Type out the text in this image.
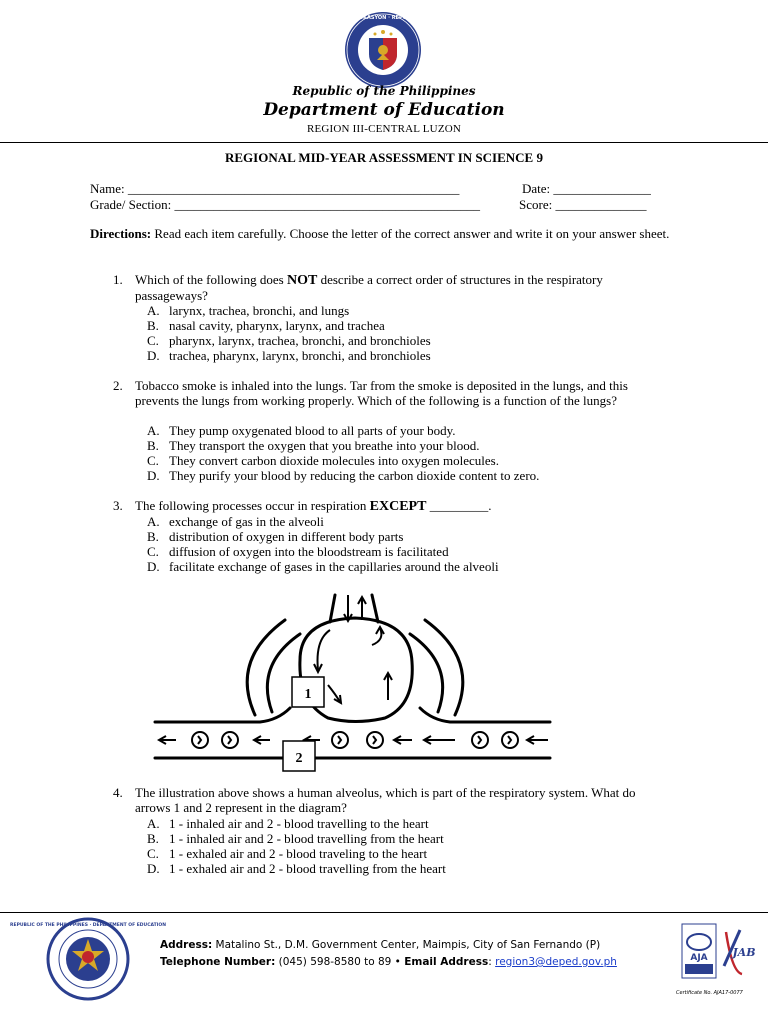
KAGAWARAN NG EDUKASYON · REPUBLIKA NG PILIPINAS
Republic of the Philippines
Department of Education
REGION III-CENTRAL LUZON
REGIONAL MID-YEAR ASSESSMENT IN SCIENCE 9
Name: ___________________________________________________	Date: _______________
Grade/ Section: _______________________________________________	Score: ______________
Directions: Read each item carefully. Choose the letter of the correct answer and write it on your answer sheet.
1. Which of the following does NOT describe a correct order of structures in the respiratory passageways?
A. larynx, trachea, bronchi, and lungs
B. nasal cavity, pharynx, larynx, and trachea
C. pharynx, larynx, trachea, bronchi, and bronchioles
D. trachea, pharynx, larynx, bronchi, and bronchioles
2. Tobacco smoke is inhaled into the lungs. Tar from the smoke is deposited in the lungs, and this prevents the lungs from working properly. Which of the following is a function of the lungs?
A. They pump oxygenated blood to all parts of your body.
B. They transport the oxygen that you breathe into your blood.
C. They convert carbon dioxide molecules into oxygen molecules.
D. They purify your blood by reducing the carbon dioxide content to zero.
3. The following processes occur in respiration EXCEPT _________.
A. exchange of gas in the alveoli
B. distribution of oxygen in different body parts
C. diffusion of oxygen into the bloodstream is facilitated
D. facilitate exchange of gases in the capillaries around the alveoli
1
2
4. The illustration above shows a human alveolus, which is part of the respiratory system. What do arrows 1 and 2 represent in the diagram?
A. 1 - inhaled air and 2 - blood travelling to the heart
B. 1 - inhaled air and 2 - blood travelling from the heart
C. 1 - exhaled air and 2 - blood traveling to the heart
D. 1 - exhaled air and 2 - blood travelling from the heart
REPUBLIC OF THE PHILIPPINES · DEPARTMENT OF EDUCATION
Address: Matalino St., D.M. Government Center, Maimpis, City of San Fernando (P)
Telephone Number: (045) 598-8580 to 89 • Email Address: region3@deped.gov.ph	AJA JAB
Certificate No. AJA17-0077
